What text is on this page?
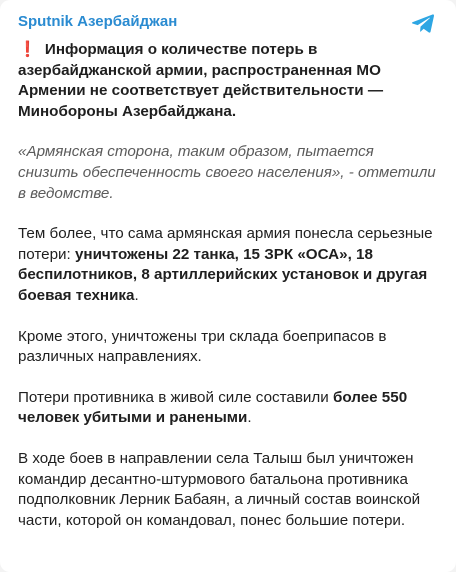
Sputnik Азербайджан

❗ Информация о количестве потерь в азербайджанской армии, распространенная МО Армении не соответствует действительности — Минобороны Азербайджана.

«Армянская сторона, таким образом, пытается снизить обеспеченность своего населения», - отметили в ведомстве.

Тем более, что сама армянская армия понесла серьезные потери: уничтожены 22 танка, 15 ЗРК «ОСА», 18 беспилотников, 8 артиллерийских установок и другая боевая техника.

Кроме этого, уничтожены три склада боеприпасов в различных направлениях.

Потери противника в живой силе составили более 550 человек убитыми и ранеными.

В ходе боев в направлении села Талыш был уничтожен командир десантно-штурмового батальона противника подполковник Лерник Бабаян, а личный состав воинской части, которой он командовал, понес большие потери.
